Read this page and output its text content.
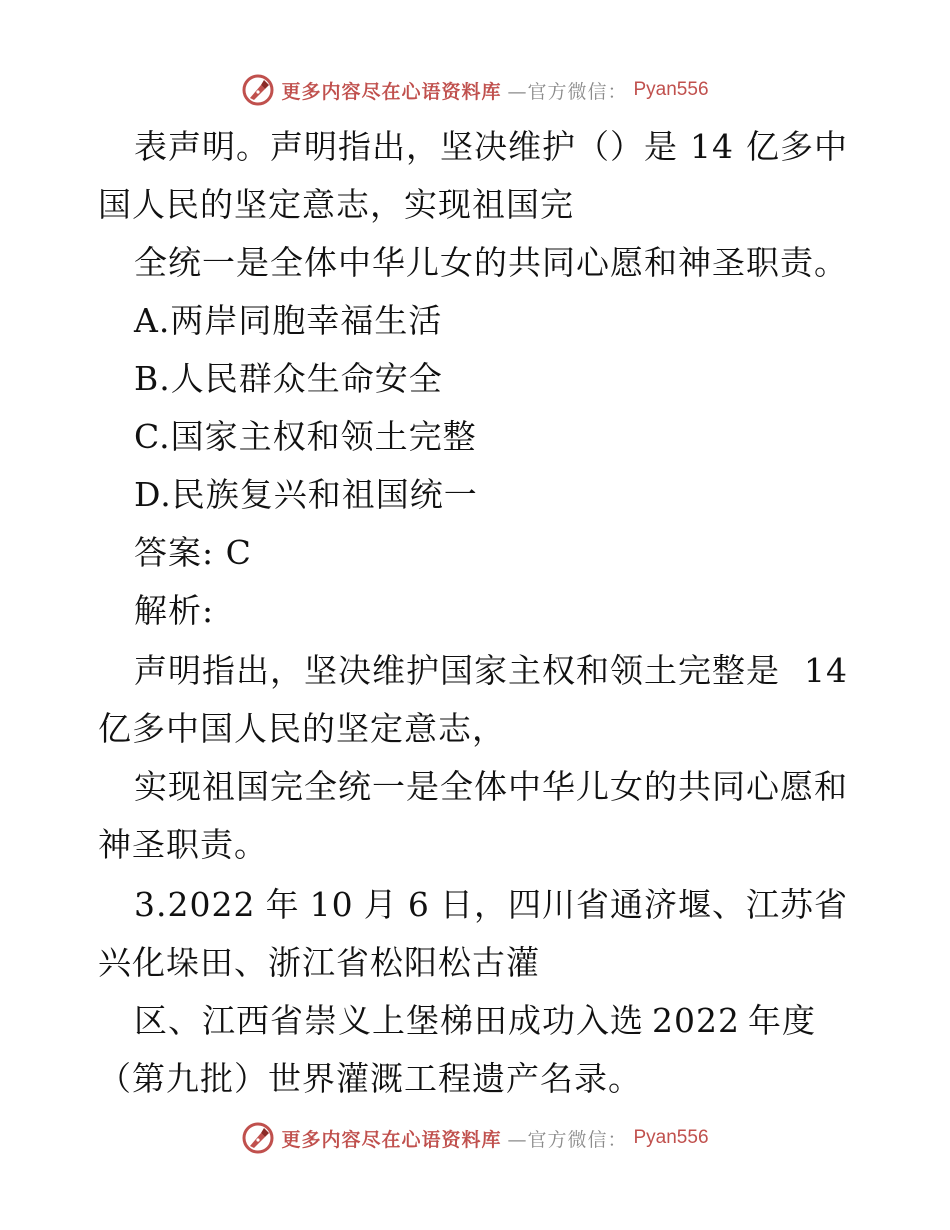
更多内容尽在心语资料库 —官方微信： Pyan556
表声明。声明指出，坚决维护（）是 14 亿多中
国人民的坚定意志，实现祖国完
全统一是全体中华儿女的共同心愿和神圣职责。
A.两岸同胞幸福生活
B.人民群众生命安全
C.国家主权和领土完整
D.民族复兴和祖国统一
答案: C
解析:
声明指出，坚决维护国家主权和领土完整是 14
亿多中国人民的坚定意志，
实现祖国完全统一是全体中华儿女的共同心愿和
神圣职责。
3.2022 年 10 月 6 日，四川省通济堰、江苏省
兴化垛田、浙江省松阳松古灌
区、江西省崇义上堡梯田成功入选 2022 年度
（第九批）世界灌溉工程遗产名录。
更多内容尽在心语资料库 —官方微信： Pyan556
